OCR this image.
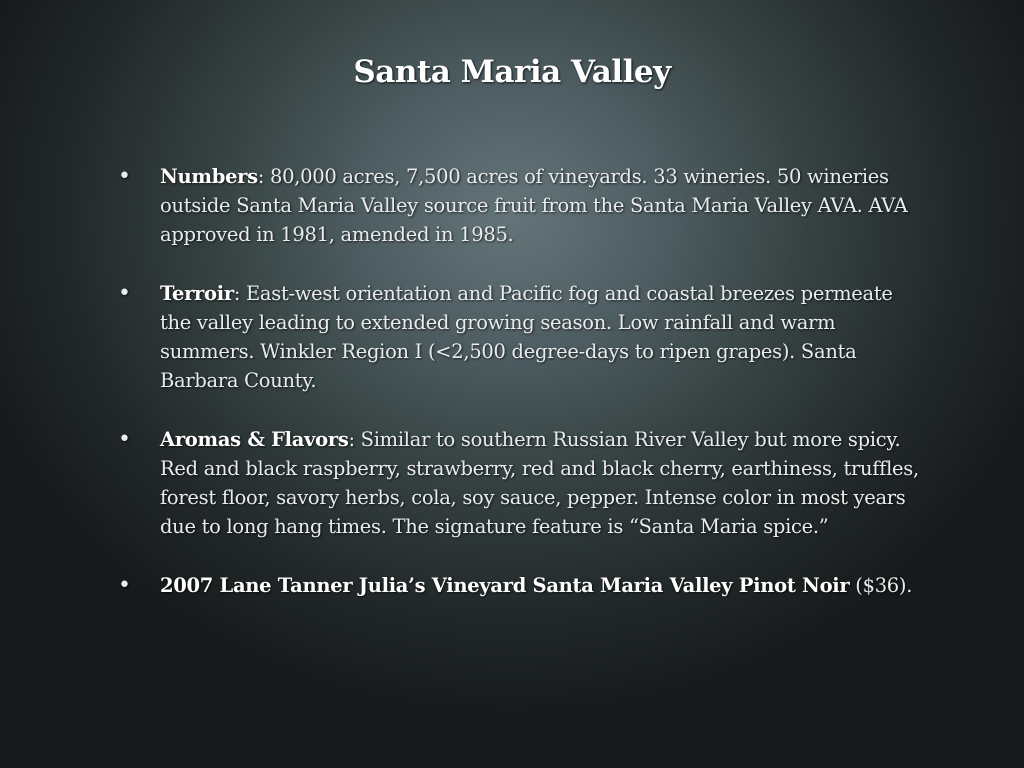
Santa Maria Valley
• Numbers: 80,000 acres, 7,500 acres of vineyards. 33 wineries. 50 wineries outside Santa Maria Valley source fruit from the Santa Maria Valley AVA. AVA approved in 1981, amended in 1985.
• Terroir: East-west orientation and Pacific fog and coastal breezes permeate the valley leading to extended growing season. Low rainfall and warm summers. Winkler Region I (<2,500 degree-days to ripen grapes). Santa Barbara County.
• Aromas & Flavors: Similar to southern Russian River Valley but more spicy. Red and black raspberry, strawberry, red and black cherry, earthiness, truffles, forest floor, savory herbs, cola, soy sauce, pepper. Intense color in most years due to long hang times. The signature feature is “Santa Maria spice.”
• 2007 Lane Tanner Julia’s Vineyard Santa Maria Valley Pinot Noir ($36).
